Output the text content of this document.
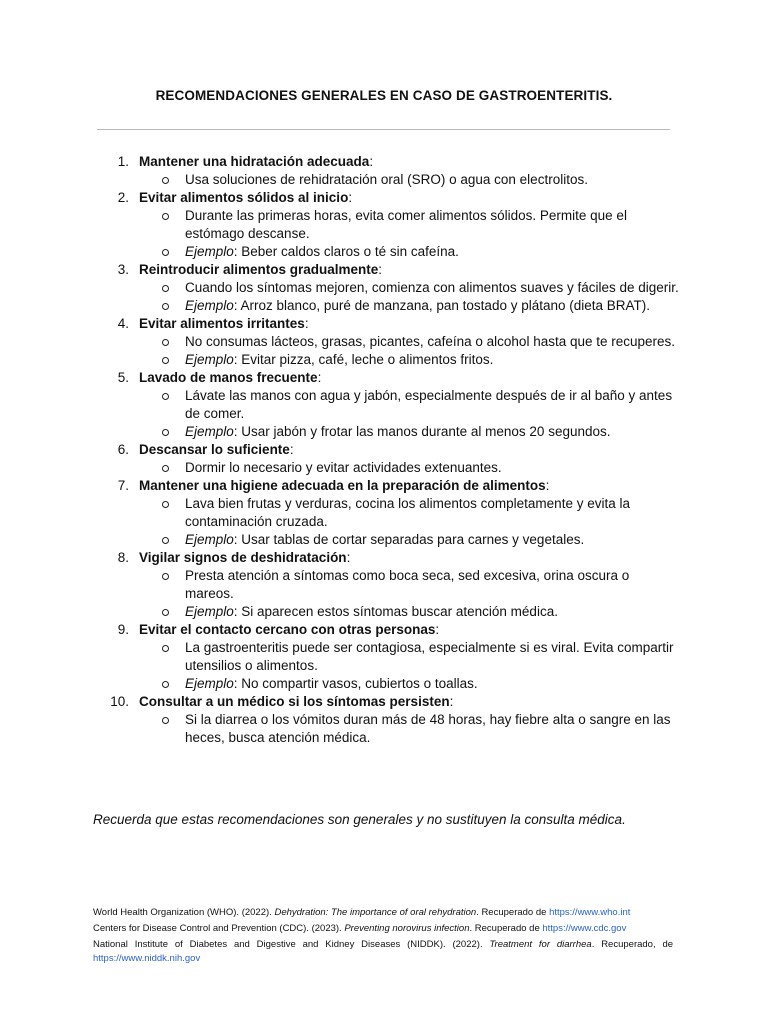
RECOMENDACIONES GENERALES EN CASO DE GASTROENTERITIS.
1. Mantener una hidratación adecuada:
Usa soluciones de rehidratación oral (SRO) o agua con electrolitos.
2. Evitar alimentos sólidos al inicio:
Durante las primeras horas, evita comer alimentos sólidos. Permite que el estómago descanse.
Ejemplo: Beber caldos claros o té sin cafeína.
3. Reintroducir alimentos gradualmente:
Cuando los síntomas mejoren, comienza con alimentos suaves y fáciles de digerir.
Ejemplo: Arroz blanco, puré de manzana, pan tostado y plátano (dieta BRAT).
4. Evitar alimentos irritantes:
No consumas lácteos, grasas, picantes, cafeína o alcohol hasta que te recuperes.
Ejemplo: Evitar pizza, café, leche o alimentos fritos.
5. Lavado de manos frecuente:
Lávate las manos con agua y jabón, especialmente después de ir al baño y antes de comer.
Ejemplo: Usar jabón y frotar las manos durante al menos 20 segundos.
6. Descansar lo suficiente:
Dormir lo necesario y evitar actividades extenuantes.
7. Mantener una higiene adecuada en la preparación de alimentos:
Lava bien frutas y verduras, cocina los alimentos completamente y evita la contaminación cruzada.
Ejemplo: Usar tablas de cortar separadas para carnes y vegetales.
8. Vigilar signos de deshidratación:
Presta atención a síntomas como boca seca, sed excesiva, orina oscura o mareos.
Ejemplo: Si aparecen estos síntomas buscar atención médica.
9. Evitar el contacto cercano con otras personas:
La gastroenteritis puede ser contagiosa, especialmente si es viral. Evita compartir utensilios o alimentos.
Ejemplo: No compartir vasos, cubiertos o toallas.
10. Consultar a un médico si los síntomas persisten:
Si la diarrea o los vómitos duran más de 48 horas, hay fiebre alta o sangre en las heces, busca atención médica.
Recuerda que estas recomendaciones son generales y no sustituyen la consulta médica.
World Health Organization (WHO). (2022). Dehydration: The importance of oral rehydration. Recuperado de https://www.who.int
Centers for Disease Control and Prevention (CDC). (2023). Preventing norovirus infection. Recuperado de https://www.cdc.gov
National Institute of Diabetes and Digestive and Kidney Diseases (NIDDK). (2022). Treatment for diarrhea. Recuperado, de https://www.niddk.nih.gov
